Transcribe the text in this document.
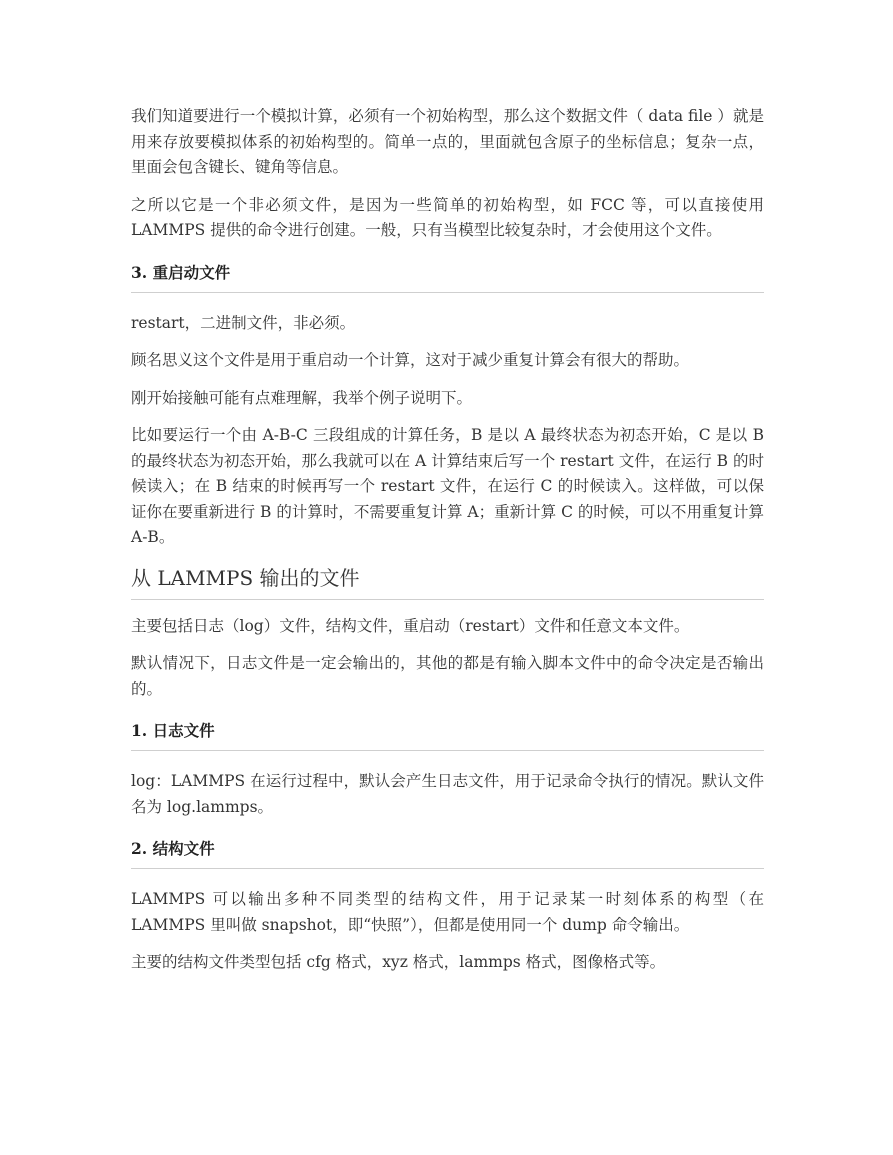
我们知道要进行一个模拟计算，必须有一个初始构型，那么这个数据文件（ data file ）就是用来存放要模拟体系的初始构型的。简单一点的，里面就包含原子的坐标信息；复杂一点，里面会包含键长、键角等信息。

之所以它是一个非必须文件，是因为一些简单的初始构型，如 FCC 等，可以直接使用 LAMMPS 提供的命令进行创建。一般，只有当模型比较复杂时，才会使用这个文件。

3. 重启动文件

restart，二进制文件，非必须。

顾名思义这个文件是用于重启动一个计算，这对于减少重复计算会有很大的帮助。

刚开始接触可能有点难理解，我举个例子说明下。

比如要运行一个由 A-B-C 三段组成的计算任务，B 是以 A 最终状态为初态开始，C 是以 B 的最终状态为初态开始，那么我就可以在 A 计算结束后写一个 restart 文件，在运行 B 的时候读入；在 B 结束的时候再写一个 restart 文件，在运行 C 的时候读入。这样做，可以保证你在要重新进行 B 的计算时，不需要重复计算 A；重新计算 C 的时候，可以不用重复计算 A-B。

从 LAMMPS 输出的文件

主要包括日志（log）文件，结构文件，重启动（restart）文件和任意文本文件。

默认情况下，日志文件是一定会输出的，其他的都是有输入脚本文件中的命令决定是否输出的。

1. 日志文件

log：LAMMPS 在运行过程中，默认会产生日志文件，用于记录命令执行的情况。默认文件名为 log.lammps。

2. 结构文件

LAMMPS 可以输出多种不同类型的结构文件，用于记录某一时刻体系的构型（在 LAMMPS 里叫做 snapshot，即“快照”），但都是使用同一个 dump 命令输出。

主要的结构文件类型包括 cfg 格式，xyz 格式，lammps 格式，图像格式等。
